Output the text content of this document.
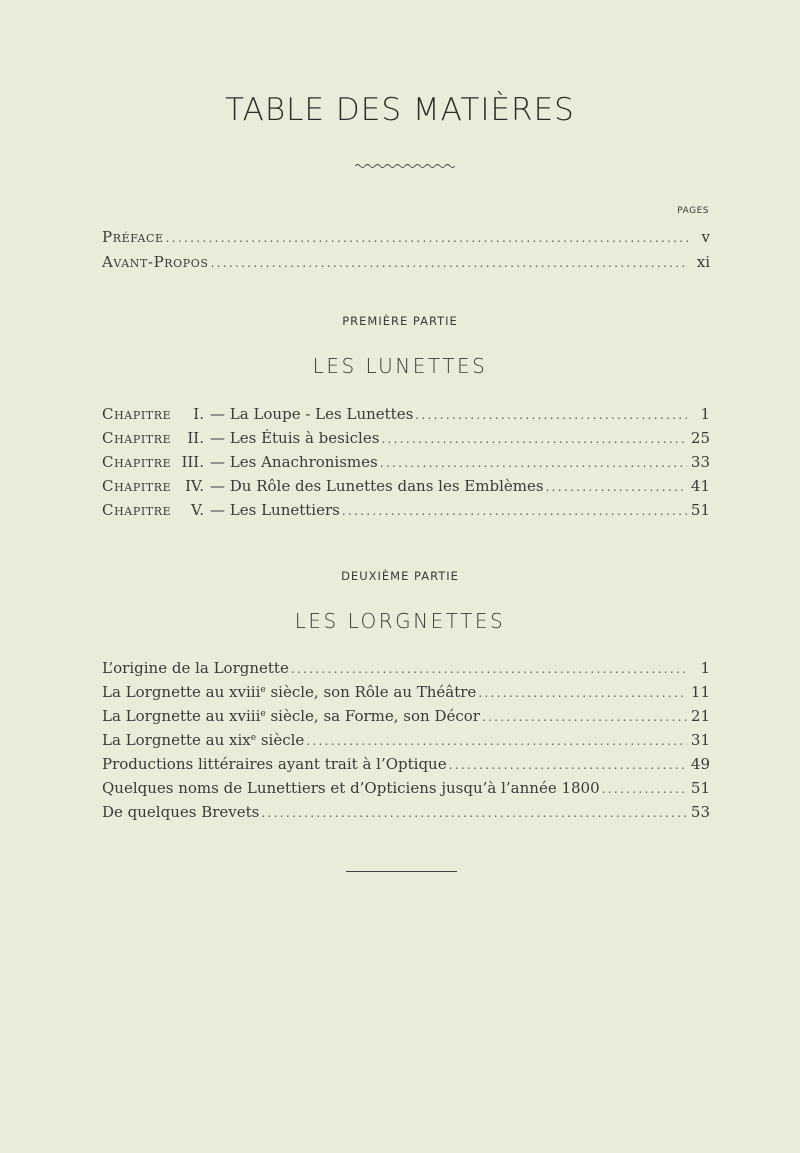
TABLE DES MATIÈRES
PAGES
Préface .....	v
Avant-Propos .....	xi
PREMIÈRE PARTIE
LES LUNETTES
Chapitre I. — La Loupe - Les Lunettes .....	1
Chapitre II. — Les Étuis à besicles .....	25
Chapitre III. — Les Anachronismes .....	33
Chapitre IV. — Du Rôle des Lunettes dans les Emblèmes .....	41
Chapitre V. — Les Lunettiers .....	51
DEUXIÈME PARTIE
LES LORGNETTES
L’origine de la Lorgnette .....	1
La Lorgnette au xviii$^e$ siècle, son Rôle au Théâtre .....	11
La Lorgnette au xviii$^e$ siècle, sa Forme, son Décor .....	21
La Lorgnette au xix$^e$ siècle .....	31
Productions littéraires ayant trait à l’Optique .....	49
Quelques noms de Lunettiers et d’Opticiens jusqu’à l’année 1800 .....	51
De quelques Brevets .....	53
